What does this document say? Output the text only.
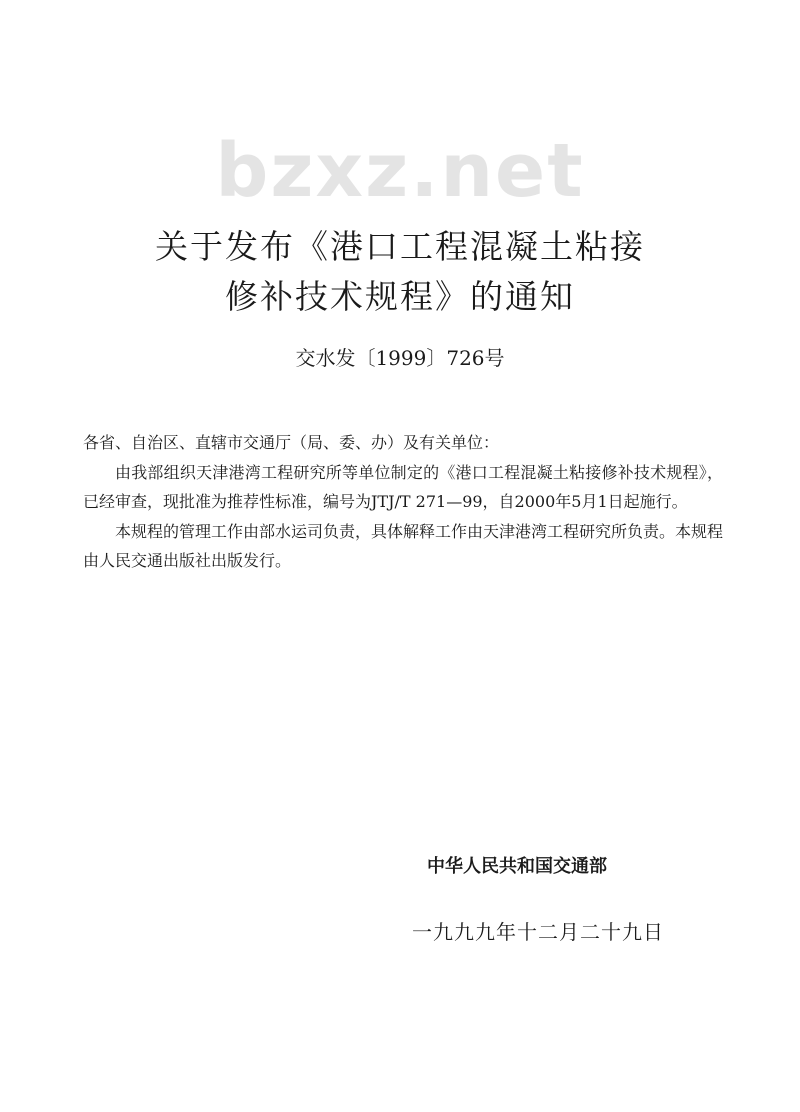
bzxz.net
关于发布《港口工程混凝土粘接
修补技术规程》的通知
交水发〔1999〕726号

各省、自治区、直辖市交通厅（局、委、办）及有关单位：

由我部组织天津港湾工程研究所等单位制定的《港口工程混凝土粘接修补技术规程》，已经审查，现批准为推荐性标准，编号为JTJ/T 271—99，自2000年5月1日起施行。

本规程的管理工作由部水运司负责，具体解释工作由天津港湾工程研究所负责。本规程由人民交通出版社出版发行。

中华人民共和国交通部
一九九九年十二月二十九日
